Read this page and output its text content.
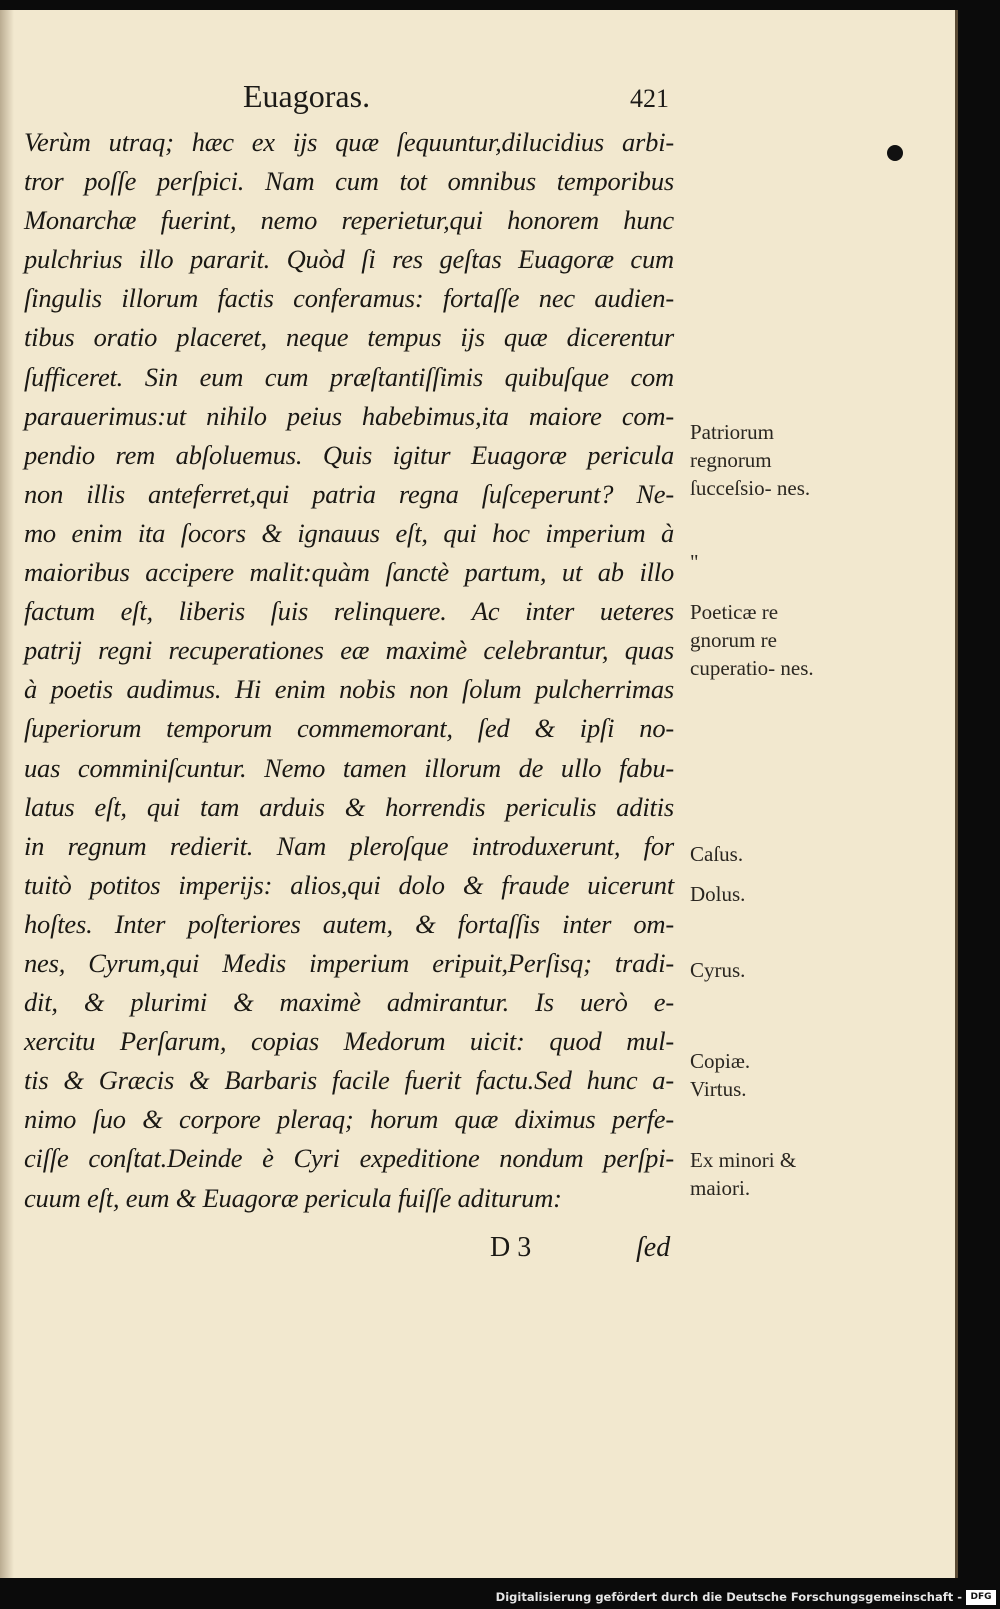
Euagoras.	421
Verùm utraq; hæc ex ijs quæ ſequuntur,dilucidius arbi-
tror poſſe perſpici. Nam cum tot omnibus temporibus
Monarchæ fuerint, nemo reperietur,qui honorem hunc
pulchrius illo pararit. Quòd ſi res geſtas Euagoræ cum
ſingulis illorum factis conferamus: fortaſſe nec audien-
tibus oratio placeret, neque tempus ijs quæ dicerentur
ſufficeret. Sin eum cum præſtantiſſimis quibuſque com
parauerimus:ut nihilo peius habebimus,ita maiore com-
pendio rem abſoluemus. Quis igitur Euagoræ pericula
non illis anteferret,qui patria regna ſuſceperunt? Ne-
mo enim ita ſocors & ignauus eſt, qui hoc imperium à
maioribus accipere malit:quàm ſanctè partum, ut ab illo
factum eſt, liberis ſuis relinquere. Ac inter ueteres
patrij regni recuperationes eæ maximè celebrantur, quas
à poetis audimus. Hi enim nobis non ſolum pulcherrimas
ſuperiorum temporum commemorant, ſed & ipſi no-
uas comminiſcuntur. Nemo tamen illorum de ullo fabu-
latus eſt, qui tam arduis & horrendis periculis aditis
in regnum redierit. Nam pleroſque introduxerunt, for
tuitò potitos imperijs: alios,qui dolo & fraude uicerunt
hoſtes. Inter poſteriores autem, & fortaſſis inter om-
nes, Cyrum,qui Medis imperium eripuit,Perſisq; tradi-
dit, & plurimi & maximè admirantur. Is uerò e-
xercitu Perſarum, copias Medorum uicit: quod mul-
tis & Græcis & Barbaris facile fuerit factu.Sed hunc a-
nimo ſuo & corpore pleraq; horum quæ diximus perfe-
ciſſe conſtat.Deinde è Cyri expeditione nondum perſpi-
cuum eſt, eum & Euagoræ pericula fuiſſe aditurum:
D 3	ſed
Patriorum regnorum ſucceſsio- nes.
"
Poeticæ re gnorum re cuperatio- nes.
Caſus.
Dolus.
Cyrus.
Copiæ.
Virtus.
Ex minori & maiori.
Digitalisierung gefördert durch die Deutsche Forschungsgemeinschaft - DFG
